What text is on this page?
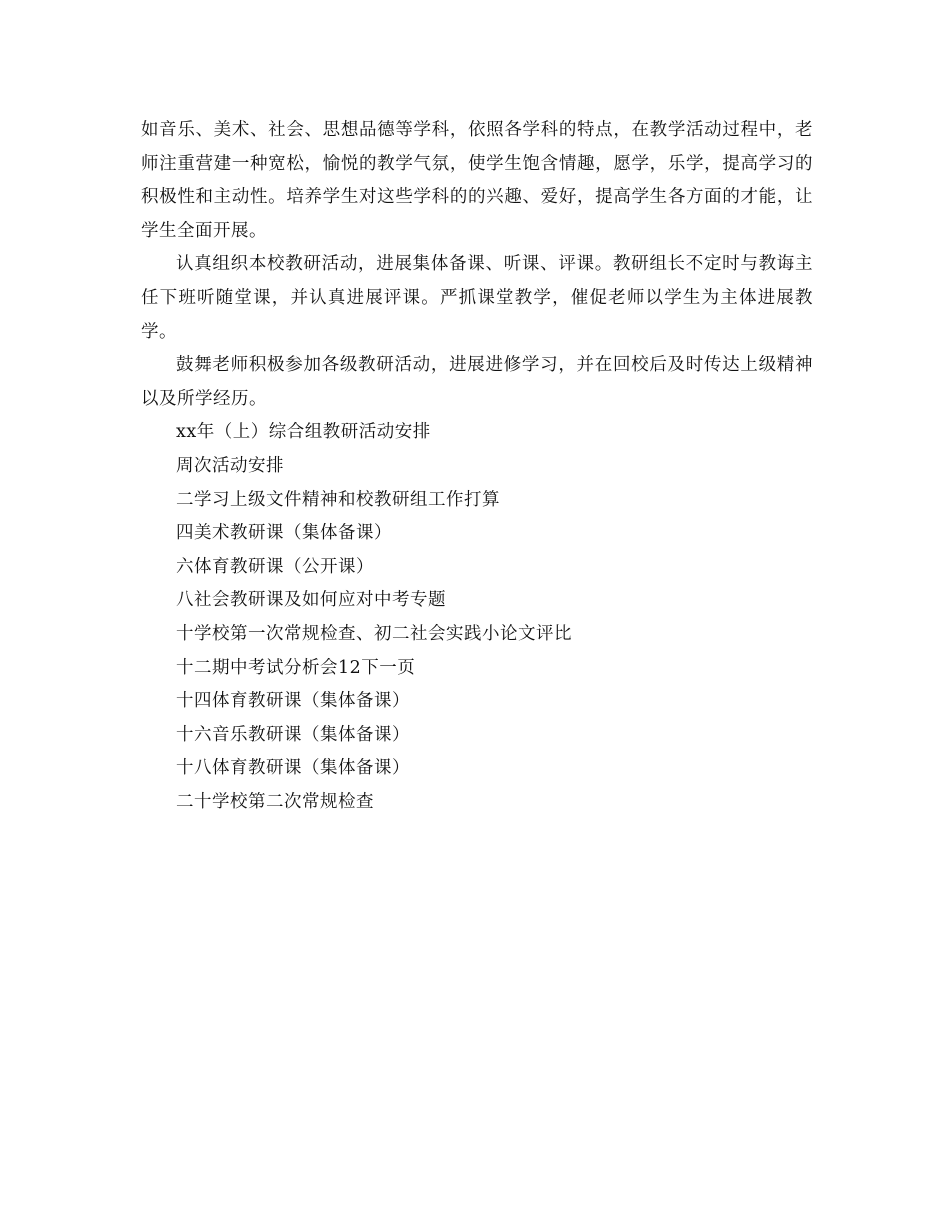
如音乐、美术、社会、思想品德等学科，依照各学科的特点，在教学活动过程中，老师注重营建一种宽松，愉悦的教学气氛，使学生饱含情趣，愿学，乐学，提高学习的积极性和主动性。培养学生对这些学科的的兴趣、爱好，提高学生各方面的才能，让学生全面开展。

认真组织本校教研活动，进展集体备课、听课、评课。教研组长不定时与教诲主任下班听随堂课，并认真进展评课。严抓课堂教学，催促老师以学生为主体进展教学。

鼓舞老师积极参加各级教研活动，进展进修学习，并在回校后及时传达上级精神以及所学经历。

xx年（上）综合组教研活动安排
周次活动安排
二学习上级文件精神和校教研组工作打算
四美术教研课（集体备课）
六体育教研课（公开课）
八社会教研课及如何应对中考专题
十学校第一次常规检查、初二社会实践小论文评比
十二期中考试分析会12下一页
十四体育教研课（集体备课）
十六音乐教研课（集体备课）
十八体育教研课（集体备课）
二十学校第二次常规检查
